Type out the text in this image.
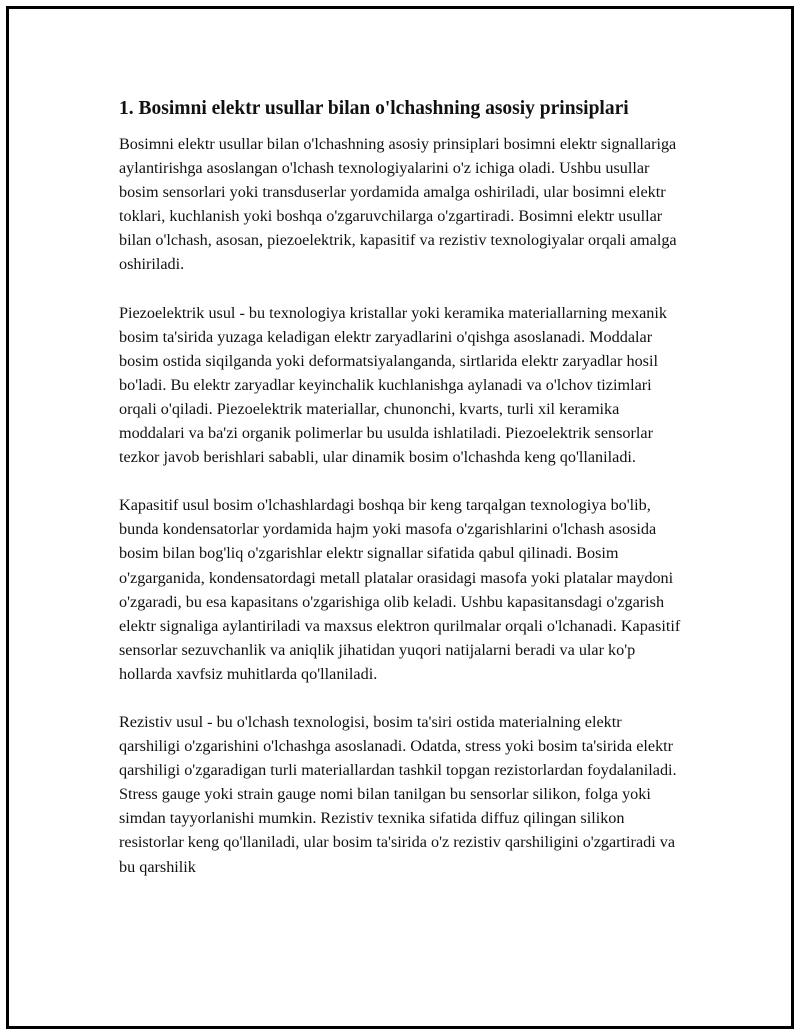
1. Bosimni elektr usullar bilan o'lchashning asosiy prinsiplari

Bosimni elektr usullar bilan o'lchashning asosiy prinsiplari bosimni elektr signallariga aylantirishga asoslangan o'lchash texnologiyalarini o'z ichiga oladi. Ushbu usullar bosim sensorlari yoki transduserlar yordamida amalga oshiriladi, ular bosimni elektr toklari, kuchlanish yoki boshqa o'zgaruvchilarga o'zgartiradi. Bosimni elektr usullar bilan o'lchash, asosan, piezoelektrik, kapasitif va rezistiv texnologiyalar orqali amalga oshiriladi.

Piezoelektrik usul - bu texnologiya kristallar yoki keramika materiallarning mexanik bosim ta'sirida yuzaga keladigan elektr zaryadlarini o'qishga asoslanadi. Moddalar bosim ostida siqilganda yoki deformatsiyalanganda, sirtlarida elektr zaryadlar hosil bo'ladi. Bu elektr zaryadlar keyinchalik kuchlanishga aylanadi va o'lchov tizimlari orqali o'qiladi. Piezoelektrik materiallar, chunonchi, kvarts, turli xil keramika moddalari va ba'zi organik polimerlar bu usulda ishlatiladi. Piezoelektrik sensorlar tezkor javob berishlari sababli, ular dinamik bosim o'lchashda keng qo'llaniladi.

Kapasitif usul bosim o'lchashlardagi boshqa bir keng tarqalgan texnologiya bo'lib, bunda kondensatorlar yordamida hajm yoki masofa o'zgarishlarini o'lchash asosida bosim bilan bog'liq o'zgarishlar elektr signallar sifatida qabul qilinadi. Bosim o'zgarganida, kondensatordagi metall platalar orasidagi masofa yoki platalar maydoni o'zgaradi, bu esa kapasitans o'zgarishiga olib keladi. Ushbu kapasitansdagi o'zgarish elektr signaliga aylantiriladi va maxsus elektron qurilmalar orqali o'lchanadi. Kapasitif sensorlar sezuvchanlik va aniqlik jihatidan yuqori natijalarni beradi va ular ko'p hollarda xavfsiz muhitlarda qo'llaniladi.

Rezistiv usul - bu o'lchash texnologisi, bosim ta'siri ostida materialning elektr qarshiligi o'zgarishini o'lchashga asoslanadi. Odatda, stress yoki bosim ta'sirida elektr qarshiligi o'zgaradigan turli materiallardan tashkil topgan rezistorlardan foydalaniladi. Stress gauge yoki strain gauge nomi bilan tanilgan bu sensorlar silikon, folga yoki simdan tayyorlanishi mumkin. Rezistiv texnika sifatida diffuz qilingan silikon resistorlar keng qo'llaniladi, ular bosim ta'sirida o'z rezistiv qarshiligini o'zgartiradi va bu qarshilik
